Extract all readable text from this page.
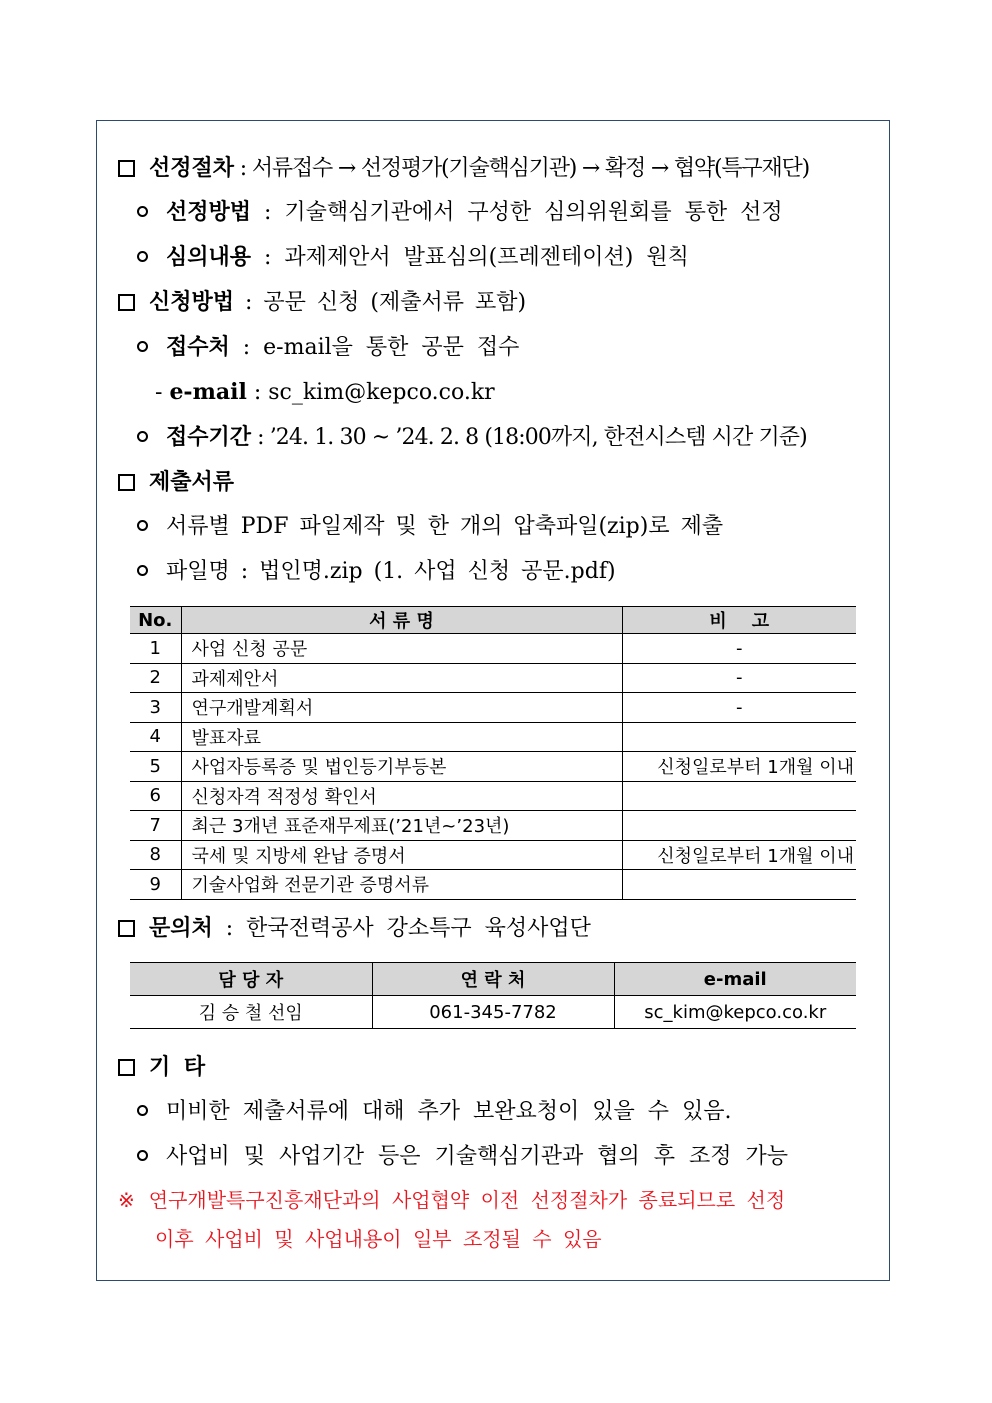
선정절차 : 서류접수 → 선정평가(기술핵심기관) → 확정 → 협약(특구재단)
선정방법 : 기술핵심기관에서 구성한 심의위원회를 통한 선정
심의내용 : 과제제안서 발표심의(프레젠테이션) 원칙
신청방법 : 공문 신청 (제출서류 포함)
접수처 : e-mail을 통한 공문 접수
- e-mail : sc_kim@kepco.co.kr
접수기간 : ’24. 1. 30 ~ ’24. 2. 8 (18:00까지, 한전시스템 시간 기준)
제출서류
서류별 PDF 파일제작 및 한 개의 압축파일(zip)로 제출
파일명 : 법인명.zip (1. 사업 신청 공문.pdf)
No.	서 류 명	비    고
1	사업 신청 공문	-
2	과제제안서	-
3	연구개발계획서	-
4	발표자료	
5	사업자등록증 및 법인등기부등본	신청일로부터 1개월 이내
6	신청자격 적정성 확인서	
7	최근 3개년 표준재무제표(’21년~’23년)	
8	국세 및 지방세 완납 증명서	신청일로부터 1개월 이내
9	기술사업화 전문기관 증명서류	
문의처 : 한국전력공사 강소특구 육성사업단
담 당 자	연 락 처	e-mail
김 승 철 선임	061-345-7782	sc_kim@kepco.co.kr
기 타
미비한 제출서류에 대해 추가 보완요청이 있을 수 있음.
사업비 및 사업기간 등은 기술핵심기관과 협의 후 조정 가능
※ 연구개발특구진흥재단과의 사업협약 이전 선정절차가 종료되므로 선정
이후 사업비 및 사업내용이 일부 조정될 수 있음
